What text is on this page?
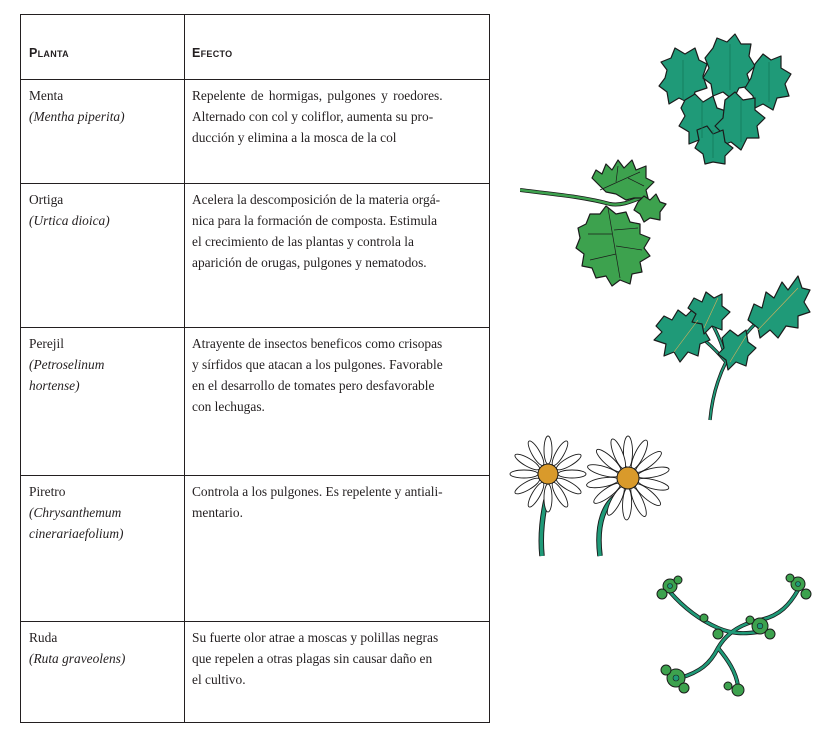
Planta	Efecto
Menta
(Mentha piperita)
Repelente de hormigas, pulgones y roedores.
Alternado con col y coliflor, aumenta su pro-
ducción y elimina a la mosca de la col
Ortiga
(Urtica dioica)
Acelera la descomposición de la materia orgá-
nica para la formación de composta. Estimula
el crecimiento de las plantas y controla la
aparición de orugas, pulgones y nematodos.
Perejil
(Petroselinum
hortense)
Atrayente de insectos beneficos como crisopas
y sírfidos que atacan a los pulgones. Favorable
en el desarrollo de tomates pero desfavorable
con lechugas.
Piretro
(Chrysanthemum
cinerariaefolium)
Controla a los pulgones. Es repelente y antiali-
mentario.
Ruda
(Ruta graveolens)
Su fuerte olor atrae a moscas y polillas negras
que repelen a otras plagas sin causar daño en
el cultivo.
